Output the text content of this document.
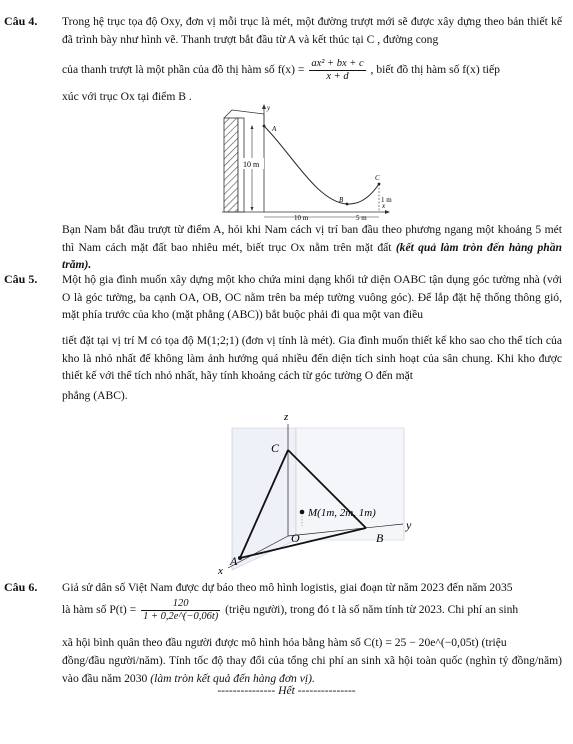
Câu 4. Trong hệ trục tọa độ Oxy, đơn vị mỗi trục là mét, một đường trượt mới sẽ được xây dựng theo bản thiết kế đã trình bày như hình vẽ. Thanh trượt bắt đầu từ A và kết thúc tại C , đường cong
của thanh trượt là một phần của đồ thị hàm số $f(x) = \frac{\text{ax² + bx + c}}{x + d}$ , biết đồ thị hàm số f(x) tiếp
xúc với trục Ox tại điểm B .
y
x
10 m
A
B
C
1 m
10 m	5 m
Bạn Nam bắt đầu trượt từ điểm A, hỏi khi Nam cách vị trí ban đầu theo phương ngang một khoảng 5 mét thì Nam cách mặt đất bao nhiêu mét, biết trục Ox nằm trên mặt đất (kết quả làm tròn đến hàng phần trăm).
Câu 5. Một hộ gia đình muốn xây dựng một kho chứa mini dạng khối tứ diện OABC tận dụng góc tường nhà (với O là góc tường, ba cạnh OA, OB, OC nằm trên ba mép tường vuông góc). Để lắp đặt hệ thống thông gió, mặt phía trước của kho (mặt phẳng (ABC)) bắt buộc phải đi qua một van điều
tiết đặt tại vị trí M có tọa độ M(1;2;1) (đơn vị tính là mét). Gia đình muốn thiết kế kho sao cho thể tích của kho là nhỏ nhất để không làm ảnh hưởng quá nhiều đến diện tích sinh hoạt của sân chung. Khi kho được thiết kế với thể tích nhỏ nhất, hãy tính khoảng cách từ góc tường O đến mặt
phẳng (ABC).
z
y
x
C
A
B
O
M(1m, 2m, 1m)
Câu 6. Giả sử dân số Việt Nam được dự báo theo mô hình logistis, giai đoạn từ năm 2023 đến năm 2035
là hàm số $P(t) = \frac{120}{1 + 0,2e\^{}(-0,06t)}$ (triệu người), trong đó t là số năm tính từ 2023. Chi phí an sinh
xã hội bình quân theo đầu người được mô hình hóa bằng hàm số C(t) = 25 − 20e^(−0,05t) (triệu
đồng/đầu người/năm). Tính tốc độ thay đổi của tổng chi phí an sinh xã hội toàn quốc (nghìn tỷ đồng/năm) vào đầu năm 2030 (làm tròn kết quả đến hàng đơn vị).
--------------- Hết ---------------
